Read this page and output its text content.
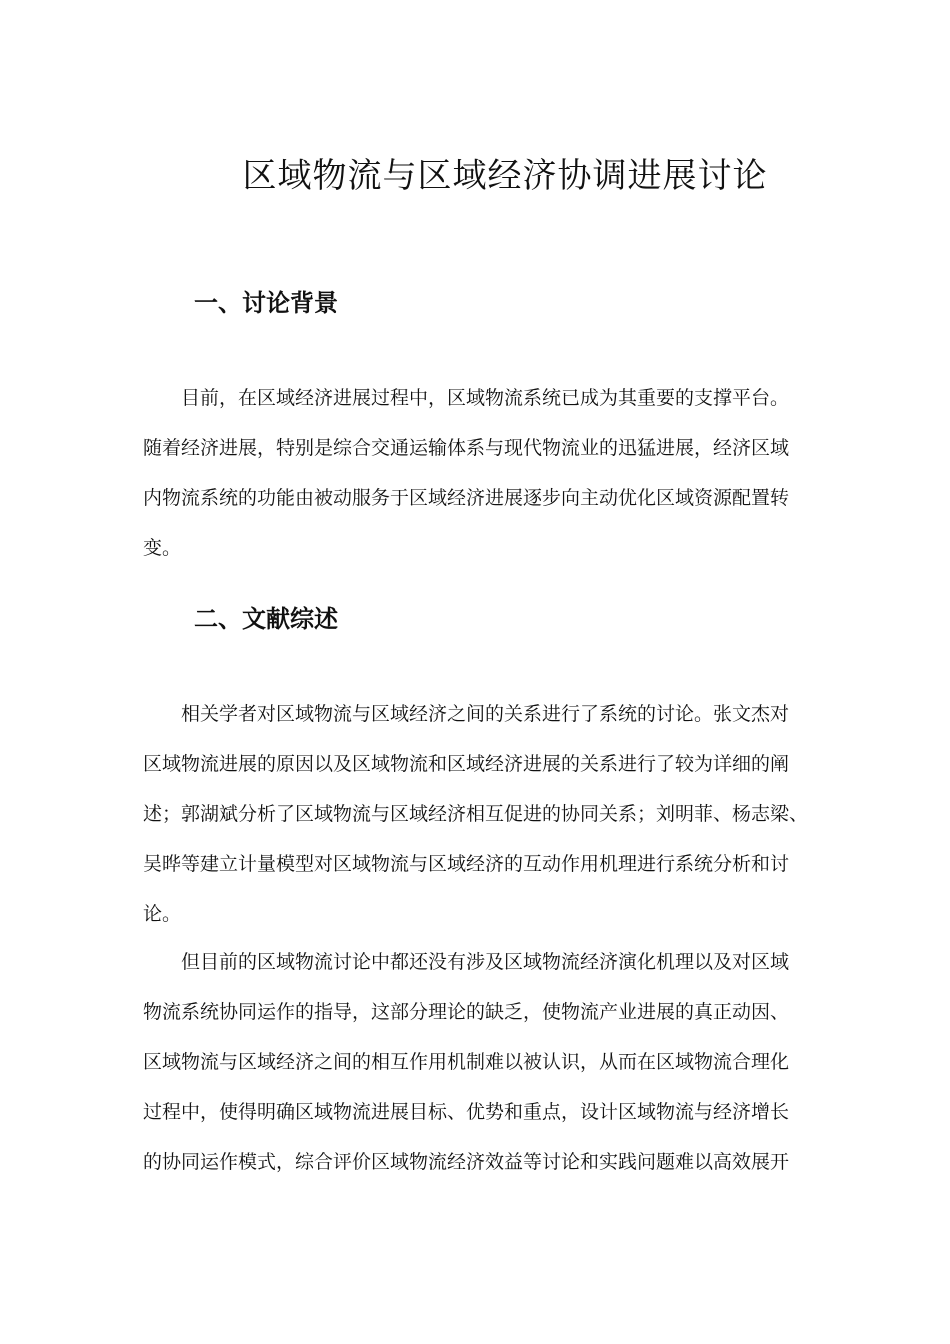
区域物流与区域经济协调进展讨论
一、讨论背景
目前，在区域经济进展过程中，区域物流系统已成为其重要的支撑平台。
随着经济进展，特别是综合交通运输体系与现代物流业的迅猛进展，经济区域
内物流系统的功能由被动服务于区域经济进展逐步向主动优化区域资源配置转
变。
二、文献综述
相关学者对区域物流与区域经济之间的关系进行了系统的讨论。张文杰对
区域物流进展的原因以及区域物流和区域经济进展的关系进行了较为详细的阐
述；郭湖斌分析了区域物流与区域经济相互促进的协同关系；刘明菲、杨志梁、
吴晔等建立计量模型对区域物流与区域经济的互动作用机理进行系统分析和讨
论。
但目前的区域物流讨论中都还没有涉及区域物流经济演化机理以及对区域
物流系统协同运作的指导，这部分理论的缺乏，使物流产业进展的真正动因、
区域物流与区域经济之间的相互作用机制难以被认识，从而在区域物流合理化
过程中，使得明确区域物流进展目标、优势和重点，设计区域物流与经济增长
的协同运作模式，综合评价区域物流经济效益等讨论和实践问题难以高效展开
